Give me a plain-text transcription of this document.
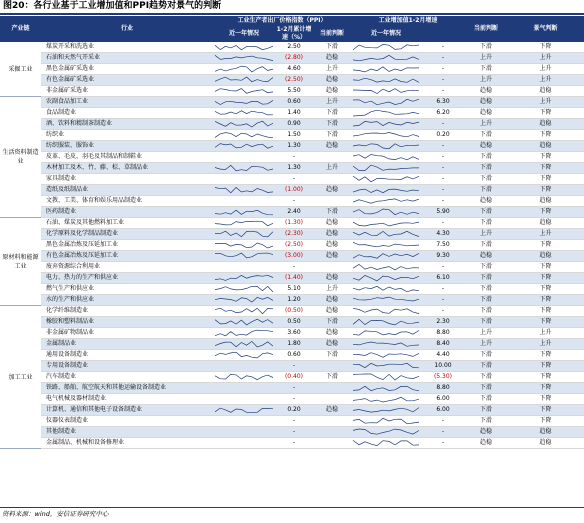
图20：各行业基于工业增加值和PPI趋势对景气的判断
产业链	行业	工业生产者出厂价格指数（PPI）			工业增加值1-2月增速		当前判断	景气判断
		近一年情况	1-2月累计增速（%）	当前判断	近一年情况			
采掘工业	煤炭开采和洗选业		2.50	下滑		-	下滑	下降
	石油和天然气开采业		(2.80)	趋稳		-	上升	上升
	黑色金属矿采选业		4.60	上升		-	下滑	上升
	有色金属矿采选业		(2.50)	趋稳		-	上升	上升
	非金属矿采选业		5.50	趋稳		-	趋稳	趋稳
生活资料制造业	农副食品加工业		0.60	上升		6.30	趋稳	上升
	食品制造业		1.40	下滑		6.20	趋稳	下降
	酒、饮料和精制茶制造业		0.90	下滑		-	上升	趋稳
	纺织业		1.50	下滑		0.20	下滑	下降
	纺织服装、服饰业		1.30	趋稳		-	趋稳	趋稳
	皮革、毛皮、羽毛及其制品和制鞋业		-			-	下滑	下降
	木材加工及木、竹、藤、棕、草制品业		1.30	上升		-	下滑	下降
	家具制造业		-			-	下滑	下降
	造纸及纸制品业		(1.00)	趋稳		-	下滑	下降
	文教、工美、体育和娱乐用品制造业		-			-	趋稳	趋稳
	医药制造业		2.40	下滑		5.90	下滑	下降
原材料和能源工业	石油、煤炭及其他燃料加工业		(1.30)	趋稳		-	下滑	趋稳
	化学原料及化学制品制造业		(2.30)	趋稳		4.30	上升	上升
	黑色金属冶炼及压延加工业		(2.50)	趋稳		7.50	下滑	下降
	有色金属冶炼及压延加工业		(3.00)	趋稳		9.30	趋稳	趋稳
	废弃资源综合利用业		-			-	下滑	下降
	电力、热力的生产和供应业		(1.40)	趋稳		6.10	下滑	下降
	燃气生产和供应业		5.10	上升		-	下滑	下降
	水的生产和供应业		1.20	趋稳		-	下滑	下降
加工工业	化学纤维制造业		(0.50)	趋稳		-	下滑	下降
	橡胶和塑料制品业		0.50	下滑		2.30	下滑	下降
	非金属矿物制品业		3.60	趋稳		8.80	上升	上升
	金属制品业		1.80	趋稳		8.40	上升	上升
	通用设备制造业		0.60	下滑		4.40	下滑	下降
	专用设备制造业		-			10.00	下滑	下降
	汽车制造业		(0.40)	下滑		(5.30)	下滑	下降
	铁路、船舶、航空航天和其他运输设备制造业		-			8.80	下滑	下降
	电气机械及器材制造业		-			6.00	下滑	下降
	计算机、通信和其他电子设备制造业		0.20	趋稳		6.00	下滑	下降
	仪器仪表制造业		-			-	下滑	下降
	其他制造业		-			-	趋稳	趋稳
	金属制品、机械和设备修理业		-			-	趋稳	趋稳
资料来源：wind，安信证券研究中心
